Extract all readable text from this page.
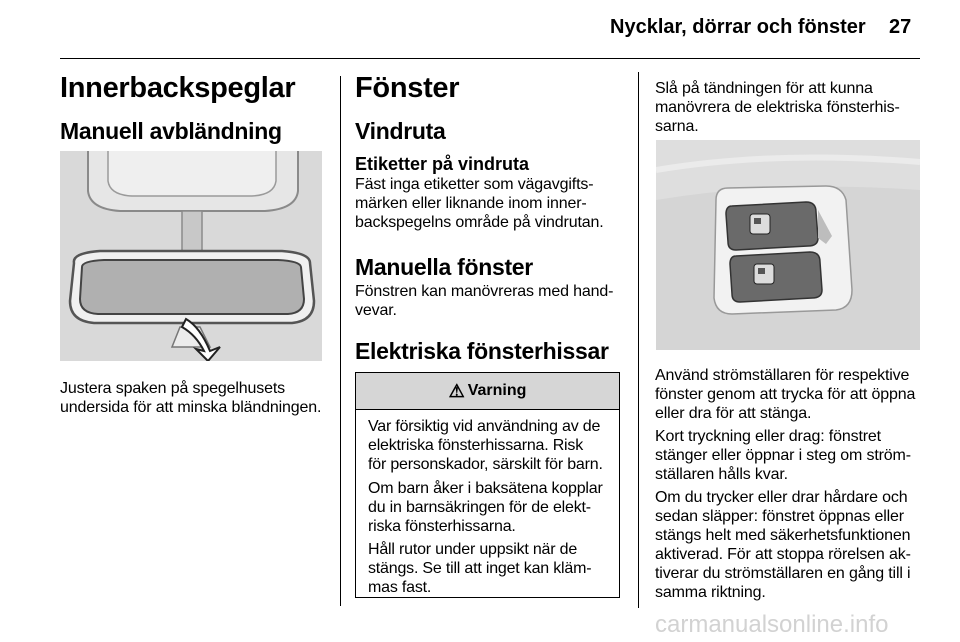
Nycklar, dörrar och fönster 27
Innerbackspeglar
Manuell avbländning
Justera spaken på spegelhusets
undersida för att minska bländningen.
Fönster
Vindruta
Etiketter på vindruta
Fäst inga etiketter som vägavgifts-
märken eller liknande inom inner-
backspegelns område på vindrutan.
Manuella fönster
Fönstren kan manövreras med hand-
vevar.
Elektriska fönsterhissar
⚠ Varning
Var försiktig vid användning av de
elektriska fönsterhissarna. Risk
för personskador, särskilt för barn.
Om barn åker i baksätena kopplar
du in barnsäkringen för de elekt-
riska fönsterhissarna.
Håll rutor under uppsikt när de
stängs. Se till att inget kan kläm-
mas fast.
Slå på tändningen för att kunna
manövrera de elektriska fönsterhis-
sarna.
Använd strömställaren för respektive
fönster genom att trycka för att öppna
eller dra för att stänga.
Kort tryckning eller drag: fönstret
stänger eller öppnar i steg om ström-
ställaren hålls kvar.
Om du trycker eller drar hårdare och
sedan släpper: fönstret öppnas eller
stängs helt med säkerhetsfunktionen
aktiverad. För att stoppa rörelsen ak-
tiverar du strömställaren en gång till i
samma riktning.
carmanualsonline.info
